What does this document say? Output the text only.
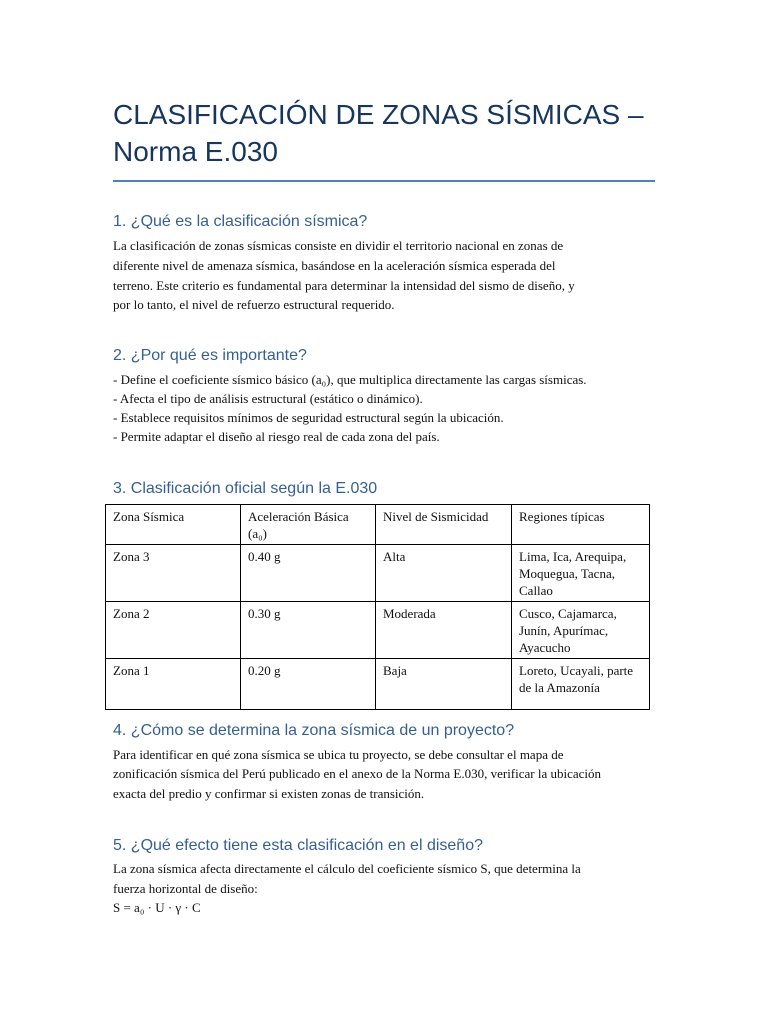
CLASIFICACIÓN DE ZONAS SÍSMICAS – Norma E.030
1. ¿Qué es la clasificación sísmica?

La clasificación de zonas sísmicas consiste en dividir el territorio nacional en zonas de

diferente nivel de amenaza sísmica, basándose en la aceleración sísmica esperada del

terreno. Este criterio es fundamental para determinar la intensidad del sismo de diseño, y

por lo tanto, el nivel de refuerzo estructural requerido.

2. ¿Por qué es importante?

- Define el coeficiente sísmico básico (a₀), que multiplica directamente las cargas sísmicas.

- Afecta el tipo de análisis estructural (estático o dinámico).

- Establece requisitos mínimos de seguridad estructural según la ubicación.

- Permite adaptar el diseño al riesgo real de cada zona del país.

3. Clasificación oficial según la E.030
Zona Sísmica	Aceleración Básica (a₀)	Nivel de Sismicidad	Regiones típicas
Zona 3	0.40 g	Alta	Lima, Ica, Arequipa, Moquegua, Tacna, Callao
Zona 2	0.30 g	Moderada	Cusco, Cajamarca, Junín, Apurímac, Ayacucho
Zona 1	0.20 g	Baja	Loreto, Ucayali, parte de la Amazonía
4. ¿Cómo se determina la zona sísmica de un proyecto?

Para identificar en qué zona sísmica se ubica tu proyecto, se debe consultar el mapa de

zonificación sísmica del Perú publicado en el anexo de la Norma E.030, verificar la ubicación

exacta del predio y confirmar si existen zonas de transición.

5. ¿Qué efecto tiene esta clasificación en el diseño?

La zona sísmica afecta directamente el cálculo del coeficiente sísmico S, que determina la

fuerza horizontal de diseño:

S = a₀ · U · γ · C
